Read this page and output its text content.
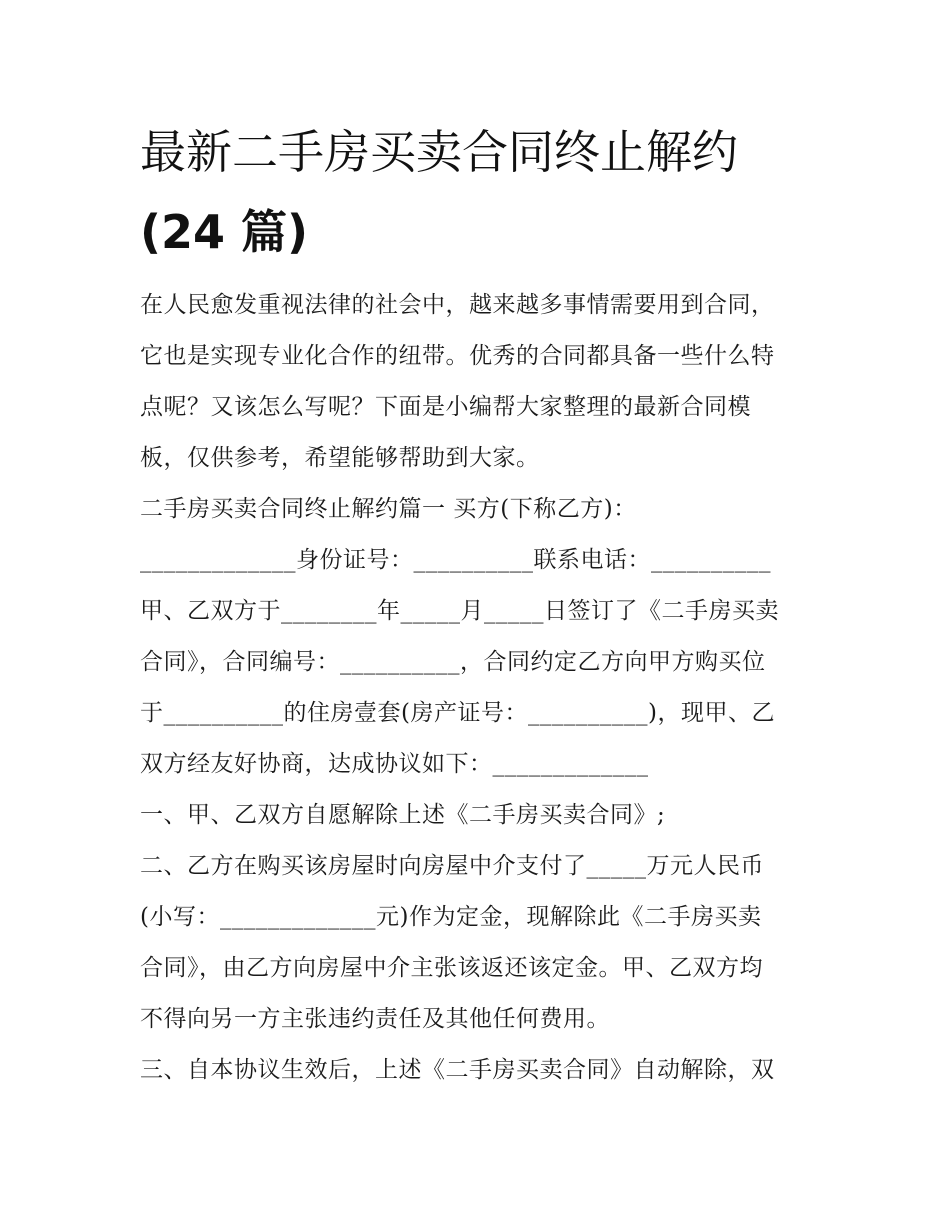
最新二手房买卖合同终止解约
(24 篇)
在人民愈发重视法律的社会中，越来越多事情需要用到合同，
它也是实现专业化合作的纽带。优秀的合同都具备一些什么特
点呢？又该怎么写呢？下面是小编帮大家整理的最新合同模
板，仅供参考，希望能够帮助到大家。
二手房买卖合同终止解约篇一 买方(下称乙方)：
_____________身份证号：__________联系电话：__________
甲、乙双方于________年_____月_____日签订了《二手房买卖
合同》，合同编号：__________，合同约定乙方向甲方购买位
于__________的住房壹套(房产证号：__________)，现甲、乙
双方经友好协商，达成协议如下：_____________
一、甲、乙双方自愿解除上述《二手房买卖合同》;
二、乙方在购买该房屋时向房屋中介支付了_____万元人民币
(小写：_____________元)作为定金，现解除此《二手房买卖
合同》，由乙方向房屋中介主张该返还该定金。甲、乙双方均
不得向另一方主张违约责任及其他任何费用。
三、自本协议生效后，上述《二手房买卖合同》自动解除，双
